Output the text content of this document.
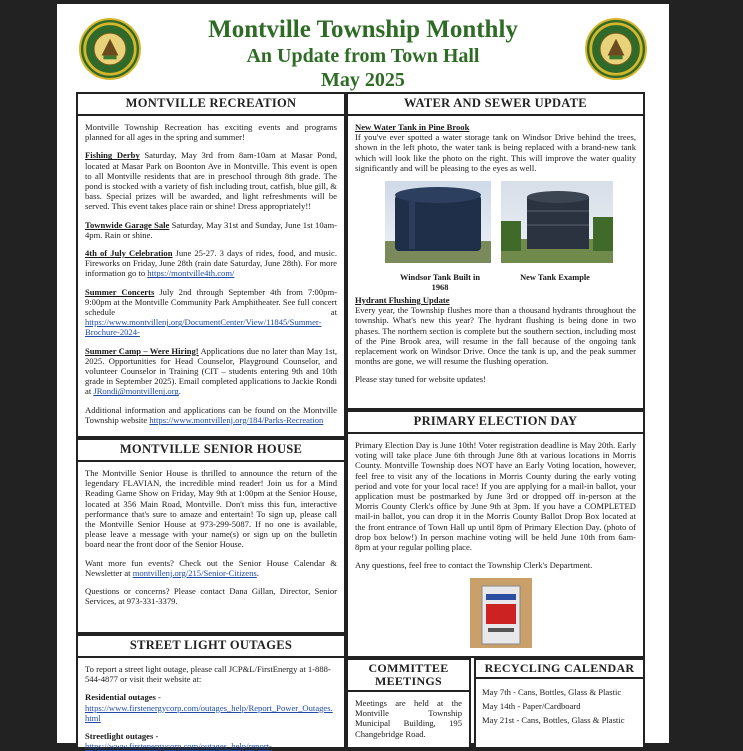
Montville Township Monthly
An Update from Town Hall
May 2025
MONTVILLE RECREATION

Montville Township Recreation has exciting events and programs planned for all ages in the spring and summer!

Fishing Derby Saturday, May 3rd from 8am-10am at Masar Pond, located at Masar Park on Boonton Ave in Montville. This event is open to all Montville residents that are in preschool through 8th grade. The pond is stocked with a variety of fish including trout, catfish, blue gill, & bass. Special prizes will be awarded, and light refreshments will be served. This event takes place rain or shine! Dress appropriately!!

Townwide Garage Sale Saturday, May 31st and Sunday, June 1st 10am-4pm. Rain or shine.

4th of July Celebration June 25-27. 3 days of rides, food, and music. Fireworks on Friday, June 28th (rain date Saturday, June 28th). For more information go to https://montville4th.com/

Summer Concerts July 2nd through September 4th from 7:00pm-9:00pm at the Montville Community Park Amphitheater. See full concert schedule at https://www.montvillenj.org/DocumentCenter/View/11845/Summer-Brochure-2024-

Summer Camp – Were Hiring! Applications due no later than May 1st, 2025. Opportunities for Head Counselor, Playground Counselor, and volunteer Counselor in Training (CIT – students entering 9th and 10th grade in September 2025). Email completed applications to Jackie Rondi at JRondi@montvillenj.org.

Additional information and applications can be found on the Montville Township website https://www.montvillenj.org/184/Parks-Recreation

WATER AND SEWER UPDATE
New Water Tank in Pine Brook

If you've ever spotted a water storage tank on Windsor Drive behind the trees, shown in the left photo, the water tank is being replaced with a brand-new tank which will look like the photo on the right. This will improve the water quality significantly and will be pleasing to the eyes as well.

Windsor Tank Built in 1968
New Tank Example
Hydrant Flushing Update

Every year, the Township flushes more than a thousand hydrants throughout the township. What's new this year? The hydrant flushing is being done in two phases. The northern section is complete but the southern section, including most of the Pine Brook area, will resume in the fall because of the ongoing tank replacement work on Windsor Drive. Once the tank is up, and the peak summer months are gone, we will resume the flushing operation.

Please stay tuned for website updates!

MONTVILLE SENIOR HOUSE

The Montville Senior House is thrilled to announce the return of the legendary FLAVIAN, the incredible mind reader! Join us for a Mind Reading Game Show on Friday, May 9th at 1:00pm at the Senior House, located at 356 Main Road, Montville. Don't miss this fun, interactive performance that's sure to amaze and entertain! To sign up, please call the Montville Senior House at 973-299-5087. If no one is available, please leave a message with your name(s) or sign up on the bulletin board near the front door of the Senior House.

Want more fun events? Check out the Senior House Calendar & Newsletter at montvillenj.org/215/Senior-Citizens.

Questions or concerns? Please contact Dana Gillan, Director, Senior Services, at 973-331-3379.

PRIMARY ELECTION DAY

Primary Election Day is June 10th! Voter registration deadline is May 20th. Early voting will take place June 6th through June 8th at various locations in Morris County. Montville Township does NOT have an Early Voting location, however, feel free to visit any of the locations in Morris County during the early voting period and vote for your local race! If you are applying for a mail-in ballot, your application must be postmarked by June 3rd or dropped off in-person at the Morris County Clerk's office by June 9th at 3pm. If you have a COMPLETED mail-in ballot, you can drop it in the Morris County Ballot Drop Box located at the front entrance of Town Hall up until 8pm of Primary Election Day. (photo of drop box below!) In person machine voting will be held June 10th from 6am-8pm at your regular polling place.

Any questions, feel free to contact the Township Clerk's Department.

STREET LIGHT OUTAGES

To report a street light outage, please call JCP&L/FirstEnergy at 1-888-544-4877 or visit their website at:

Residential outages -

https://www.firstenergycorp.com/outages_help/Report_Power_Outages.html

Streetlight outages -

https://www.firstenergycorp.com/outages_help/report-

COMMITTEE MEETINGS

Meetings are held at the Montville Township Municipal Building, 195 Changebridge Road.

RECYCLING CALENDAR
May 7th - Cans, Bottles, Glass & Plastic
May 14th - Paper/Cardboard
May 21st - Cans, Bottles, Glass & Plastic
